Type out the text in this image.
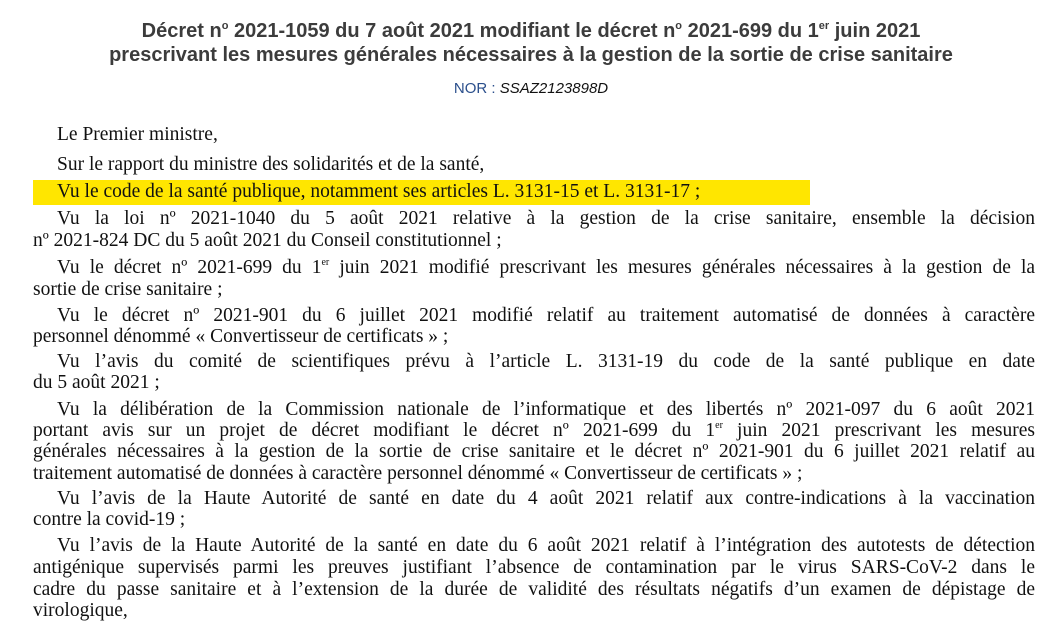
Décret $n^o$ 2021-1059 du 7 août 2021 modifiant le décret $n^o$ 2021-699 du 1er juin 2021
prescrivant les mesures générales nécessaires à la gestion de la sortie de crise sanitaire
NOR : SSAZ2123898D
Le Premier ministre,
Sur le rapport du ministre des solidarités et de la santé,
Vu le code de la santé publique, notamment ses articles L. 3131-15 et L. 3131-17 ;
Vu la loi nº 2021-1040 du 5 août 2021 relative à la gestion de la crise sanitaire, ensemble la décision
nº 2021-824 DC du 5 août 2021 du Conseil constitutionnel ;
Vu le décret nº 2021-699 du 1er juin 2021 modifié prescrivant les mesures générales nécessaires à la gestion de la
sortie de crise sanitaire ;
Vu le décret nº 2021-901 du 6 juillet 2021 modifié relatif au traitement automatisé de données à caractère
personnel dénommé « Convertisseur de certificats » ;
Vu l’avis du comité de scientifiques prévu à l’article L. 3131-19 du code de la santé publique en date
du 5 août 2021 ;
Vu la délibération de la Commission nationale de l’informatique et des libertés nº 2021-097 du 6 août 2021
portant avis sur un projet de décret modifiant le décret nº 2021-699 du 1er juin 2021 prescrivant les mesures
générales nécessaires à la gestion de la sortie de crise sanitaire et le décret nº 2021-901 du 6 juillet 2021 relatif au
traitement automatisé de données à caractère personnel dénommé « Convertisseur de certificats » ;
Vu l’avis de la Haute Autorité de santé en date du 4 août 2021 relatif aux contre-indications à la vaccination
contre la covid-19 ;
Vu l’avis de la Haute Autorité de la santé en date du 6 août 2021 relatif à l’intégration des autotests de détection
antigénique supervisés parmi les preuves justifiant l’absence de contamination par le virus SARS-CoV-2 dans le
cadre du passe sanitaire et à l’extension de la durée de validité des résultats négatifs d’un examen de dépistage de
virologique,
